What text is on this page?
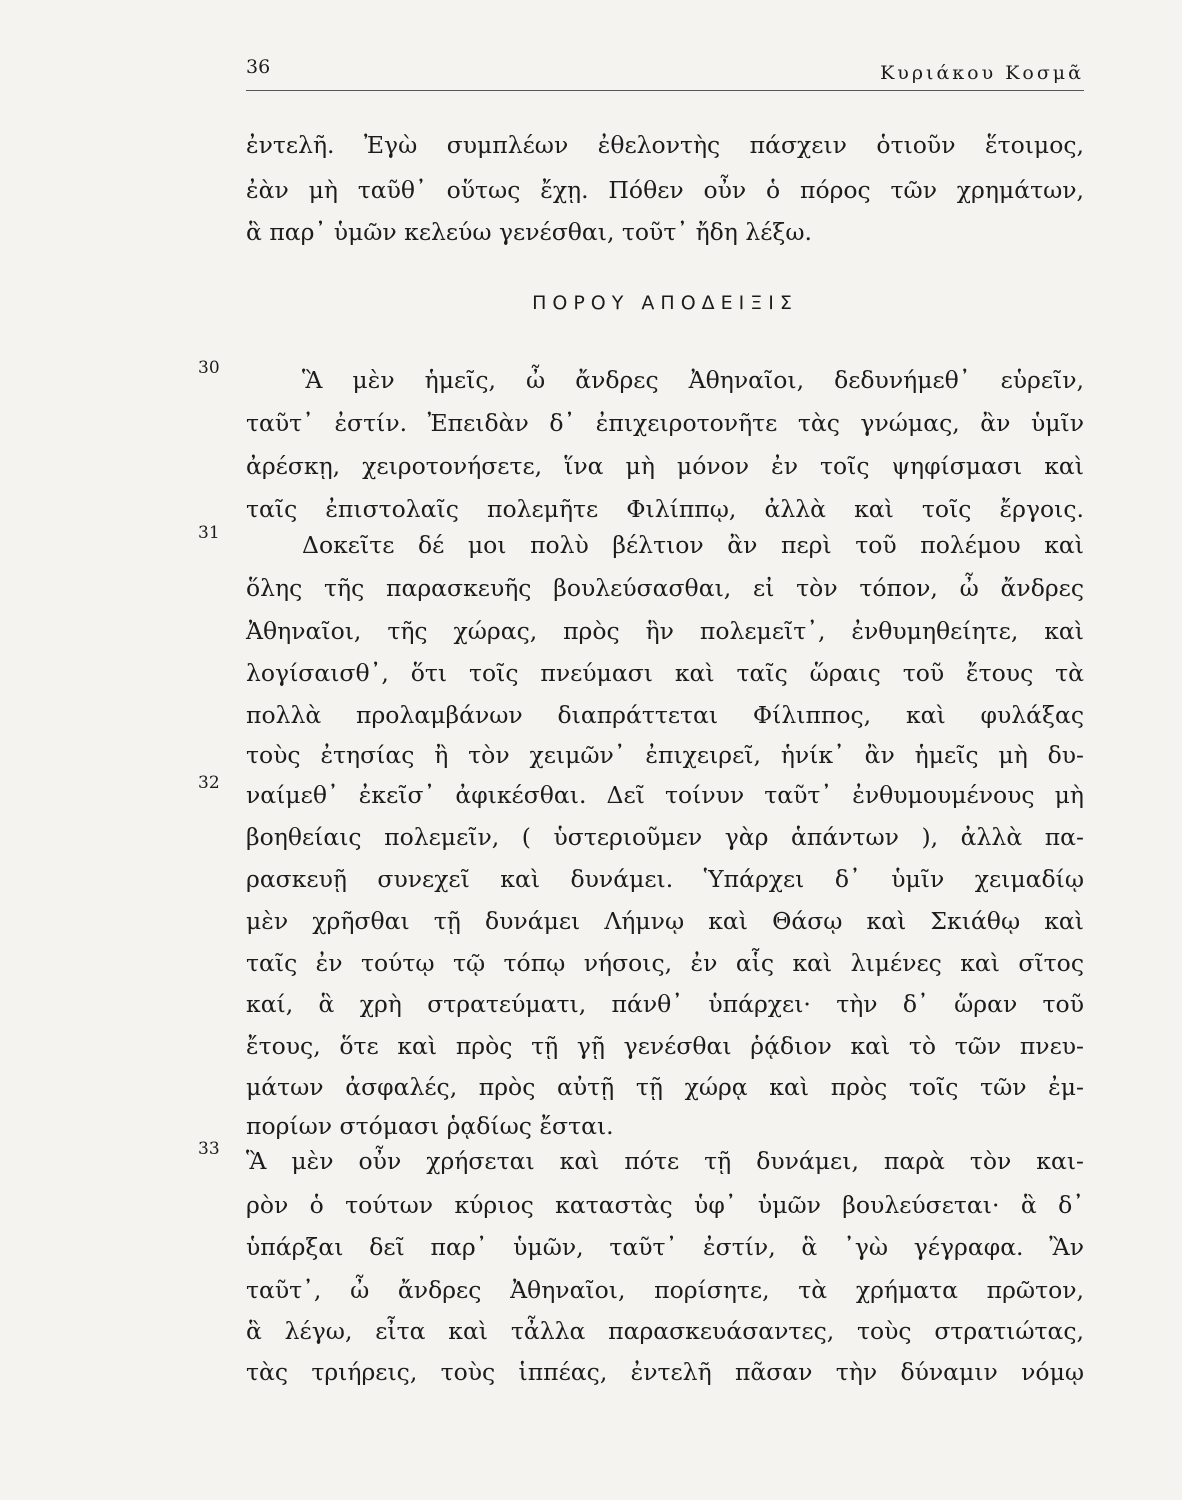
36	Κυριάκου Κοσμᾶ
ἐντελῆ. Ἐγὼ συμπλέων ἐθελοντὴς πάσχειν ὁτιοῦν ἕτοιμος,
ἐὰν μὴ ταῦθ᾽ οὕτως ἔχῃ. Πόθεν οὖν ὁ πόρος τῶν χρημάτων,
ἃ παρ᾽ ὑμῶν κελεύω γενέσθαι, τοῦτ᾽ ἤδη λέξω.
ΠΟΡΟΥ ΑΠΟΔΕΙΞΙΣ
30	Ἃ μὲν ἡμεῖς, ὦ ἄνδρες Ἀθηναῖοι, δεδυνήμεθ᾽ εὑρεῖν,
ταῦτ᾽ ἐστίν. Ἐπειδὰν δ᾽ ἐπιχειροτονῆτε τὰς γνώμας, ἂν ὑμῖν
ἀρέσκῃ, χειροτονήσετε, ἵνα μὴ μόνον ἐν τοῖς ψηφίσμασι καὶ
ταῖς ἐπιστολαῖς πολεμῆτε Φιλίππῳ, ἀλλὰ καὶ τοῖς ἔργοις.
31	Δοκεῖτε δέ μοι πολὺ βέλτιον ἂν περὶ τοῦ πολέμου καὶ
ὅλης τῆς παρασκευῆς βουλεύσασθαι, εἰ τὸν τόπον, ὦ ἄνδρες
Ἀθηναῖοι, τῆς χώρας, πρὸς ἣν πολεμεῖτ᾽, ἐνθυμηθείητε, καὶ
λογίσαισθ᾽, ὅτι τοῖς πνεύμασι καὶ ταῖς ὥραις τοῦ ἔτους τὰ
πολλὰ προλαμβάνων διαπράττεται Φίλιππος, καὶ φυλάξας
τοὺς ἐτησίας ἢ τὸν χειμῶν᾽ ἐπιχειρεῖ, ἡνίκ᾽ ἂν ἡμεῖς μὴ δυ-
32 ναίμεθ᾽ ἐκεῖσ᾽ ἀφικέσθαι. Δεῖ τοίνυν ταῦτ᾽ ἐνθυμουμένους μὴ
βοηθείαις πολεμεῖν, ( ὑστεριοῦμεν γὰρ ἁπάντων ), ἀλλὰ πα-
ρασκευῇ συνεχεῖ καὶ δυνάμει. Ὑπάρχει δ᾽ ὑμῖν χειμαδίῳ
μὲν χρῆσθαι τῇ δυνάμει Λήμνῳ καὶ Θάσῳ καὶ Σκιάθῳ καὶ
ταῖς ἐν τούτῳ τῷ τόπῳ νήσοις, ἐν αἷς καὶ λιμένες καὶ σῖτος
καί, ἃ χρὴ στρατεύματι, πάνθ᾽ ὑπάρχει· τὴν δ᾽ ὥραν τοῦ
ἔτους, ὅτε καὶ πρὸς τῇ γῇ γενέσθαι ῥᾴδιον καὶ τὸ τῶν πνευ-
μάτων ἀσφαλές, πρὸς αὐτῇ τῇ χώρᾳ καὶ πρὸς τοῖς τῶν ἐμ-
πορίων στόμασι ῥᾳδίως ἔσται.
33 Ἃ μὲν οὖν χρήσεται καὶ πότε τῇ δυνάμει, παρὰ τὸν και-
ρὸν ὁ τούτων κύριος καταστὰς ὑφ᾽ ὑμῶν βουλεύσεται· ἃ δ᾽
ὑπάρξαι δεῖ παρ᾽ ὑμῶν, ταῦτ᾽ ἐστίν, ἃ ᾽γὼ γέγραφα. Ἂν
ταῦτ᾽, ὦ ἄνδρες Ἀθηναῖοι, πορίσητε, τὰ χρήματα πρῶτον,
ἃ λέγω, εἶτα καὶ τἆλλα παρασκευάσαντες, τοὺς στρατιώτας,
τὰς τριήρεις, τοὺς ἱππέας, ἐντελῆ πᾶσαν τὴν δύναμιν νόμῳ
